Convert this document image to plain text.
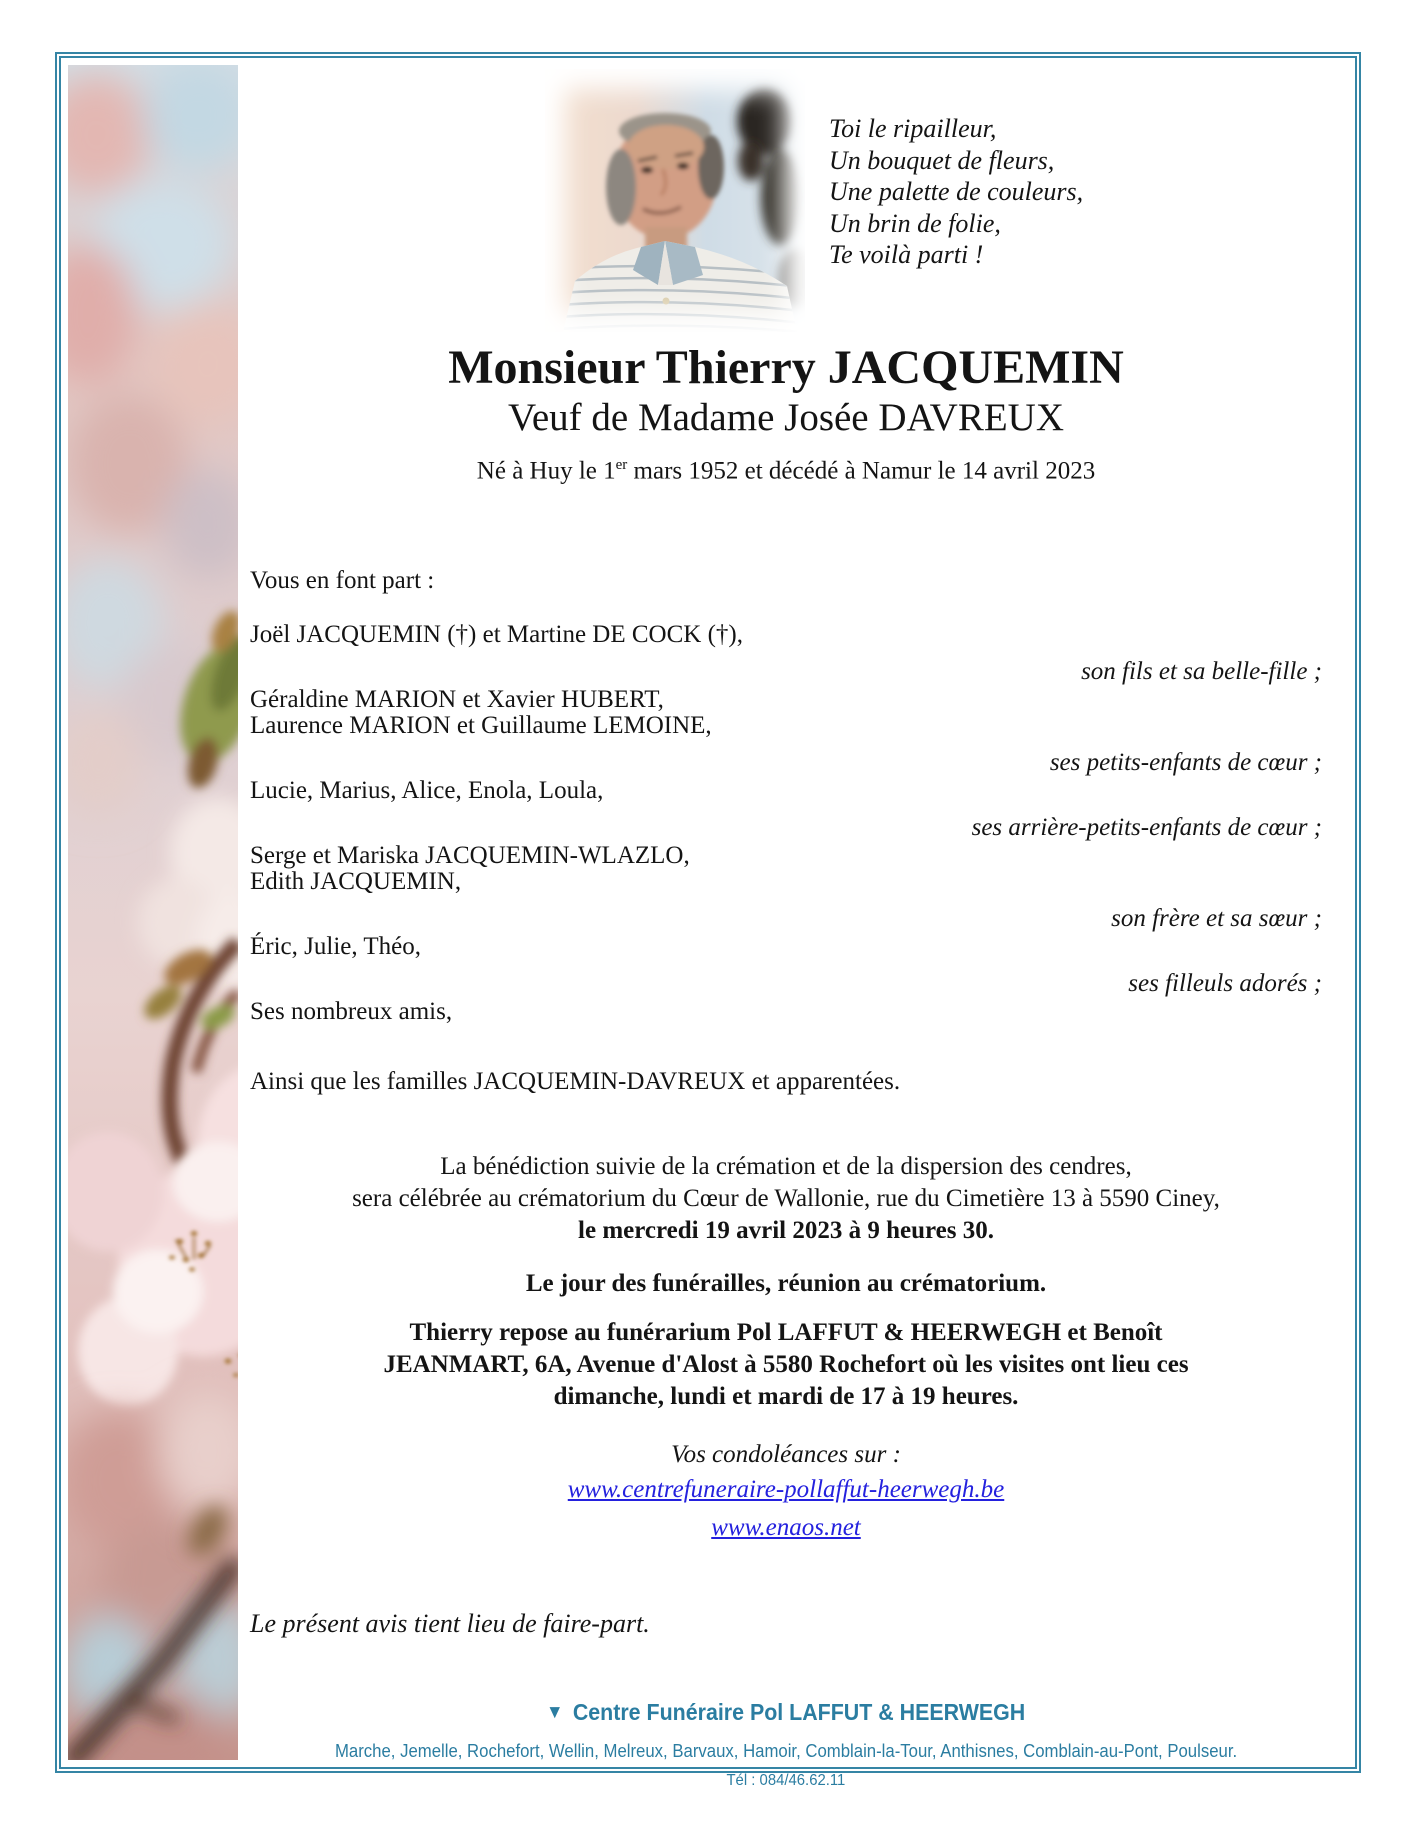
Toi le ripailleur,
Un bouquet de fleurs,
Une palette de couleurs,
Un brin de folie,
Te voilà parti !
Monsieur Thierry JACQUEMIN
Veuf de Madame Josée DAVREUX
Né à Huy le 1er mars 1952 et décédé à Namur le 14 avril 2023
Vous en font part :
Joël JACQUEMIN (†) et Martine DE COCK (†),
son fils et sa belle-fille ;
Géraldine MARION et Xavier HUBERT,
Laurence MARION et Guillaume LEMOINE,
ses petits-enfants de cœur ;
Lucie, Marius, Alice, Enola, Loula,
ses arrière-petits-enfants de cœur ;
Serge et Mariska JACQUEMIN-WLAZLO,
Edith JACQUEMIN,
son frère et sa sœur ;
Éric, Julie, Théo,
ses filleuls adorés ;
Ses nombreux amis,
Ainsi que les familles JACQUEMIN-DAVREUX et apparentées.
La bénédiction suivie de la crémation et de la dispersion des cendres,
sera célébrée au crématorium du Cœur de Wallonie, rue du Cimetière 13 à 5590 Ciney,
le mercredi 19 avril 2023 à 9 heures 30.
Le jour des funérailles, réunion au crématorium.
Thierry repose au funérarium Pol LAFFUT & HEERWEGH et Benoît
JEANMART, 6A, Avenue d'Alost à 5580 Rochefort où les visites ont lieu ces
dimanche, lundi et mardi de 17 à 19 heures.
Vos condoléances sur :
www.centrefuneraire-pollaffut-heerwegh.be
www.enaos.net
Le présent avis tient lieu de faire-part.
▼ Centre Funéraire Pol LAFFUT & HEERWEGH
Marche, Jemelle, Rochefort, Wellin, Melreux, Barvaux, Hamoir, Comblain-la-Tour, Anthisnes, Comblain-au-Pont, Poulseur.
Tél : 084/46.62.11
